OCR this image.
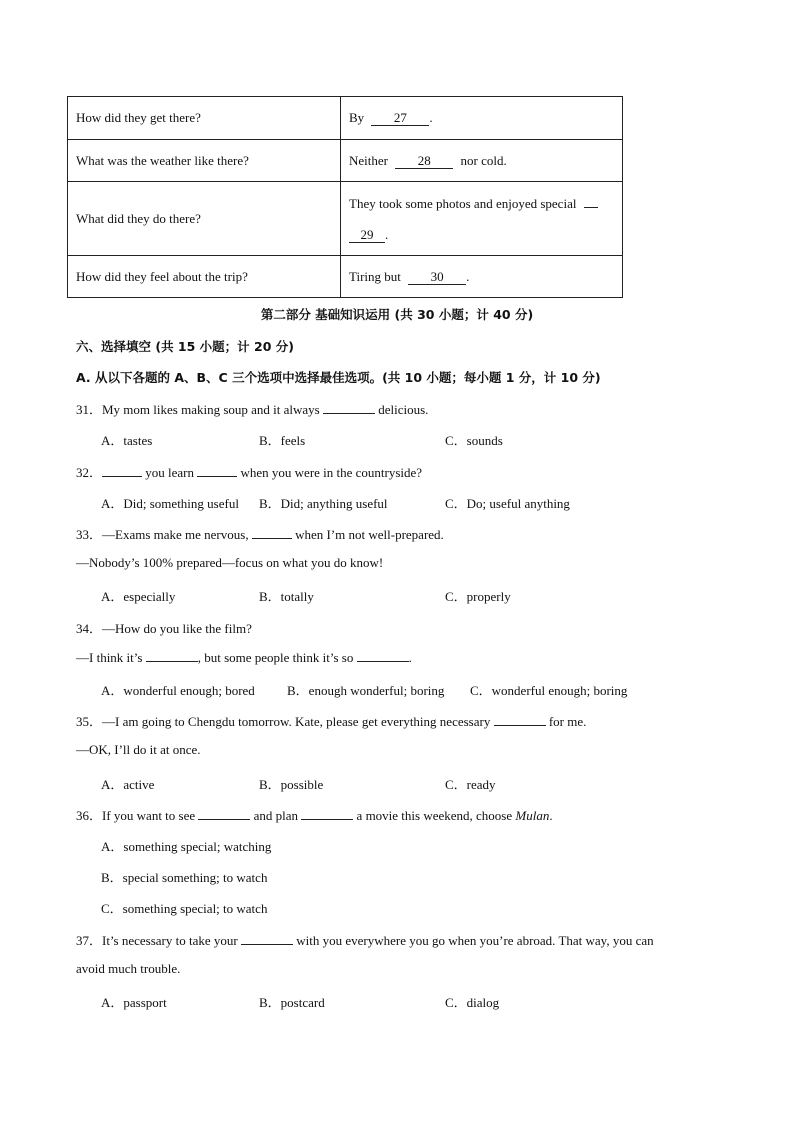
How did they get there?	By 27 .
What was the weather like there?	Neither 28 nor cold.
What did they do there?	They took some photos and enjoyed special
29 .

How did they feel about the trip?	Tiring but 30 .
第二部分 基础知识运用 (共 30 小题；计 40 分)
六、选择填空 (共 15 小题；计 20 分)
A. 从以下各题的 A、B、C 三个选项中选择最佳选项。(共 10 小题；每小题 1 分，计 10 分)
31．My mom likes making soup and it always	delicious.
A．tastes	B．feels	C．sounds
32．	you learn	when you were in the countryside?
A．Did; something useful B．Did; anything useful	C．Do; useful anything
33．—Exams make me nervous,	when I’m not well-prepared.
—Nobody’s 100% prepared—focus on what you do know!
A．especially	B．totally	C．properly
34．—How do you like the film?
—I think it’s	, but some people think it’s so	.
A．wonderful enough; bored B．enough wonderful; boring C．wonderful enough; boring
35．—I am going to Chengdu tomorrow. Kate, please get everything necessary	for me.
—OK, I’ll do it at once.
A．active	B．possible	C．ready
36．If you want to see	and plan	a movie this weekend, choose Mulan.
A．something special; watching
B．special something; to watch
C．something special; to watch
37．It’s necessary to take your	with you everywhere you go when you’re abroad. That way, you can
avoid much trouble.
A．passport	B．postcard	C．dialog
